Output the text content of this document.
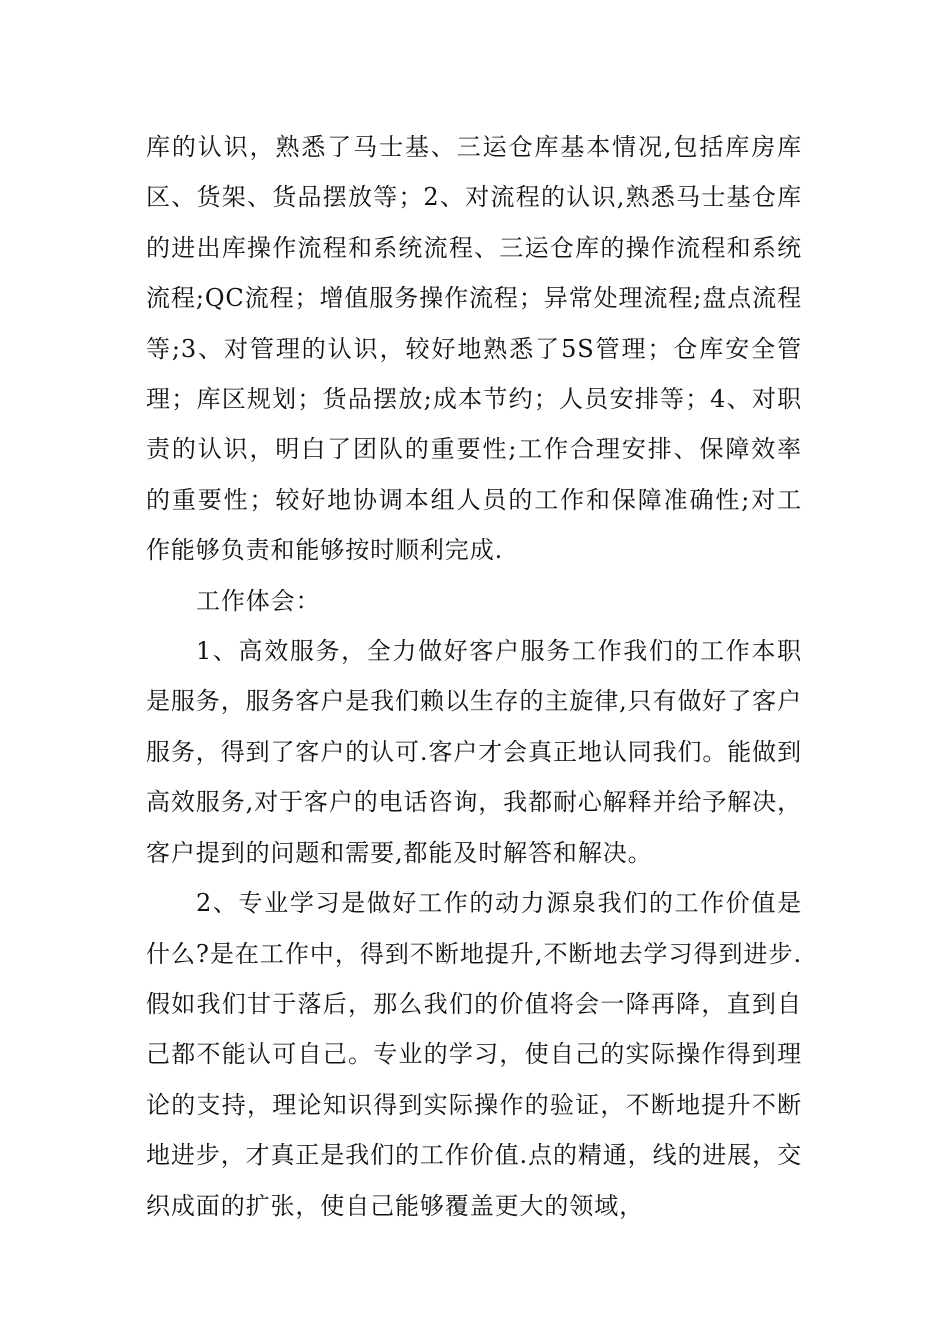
库的认识，熟悉了马士基、三运仓库基本情况,包括库房库区、货架、货品摆放等；2、对流程的认识,熟悉马士基仓库的进出库操作流程和系统流程、三运仓库的操作流程和系统流程;QC流程；增值服务操作流程；异常处理流程;盘点流程等;3、对管理的认识，较好地熟悉了5S管理；仓库安全管理；库区规划；货品摆放;成本节约；人员安排等；4、对职责的认识，明白了团队的重要性;工作合理安排、保障效率的重要性；较好地协调本组人员的工作和保障准确性;对工作能够负责和能够按时顺利完成.

工作体会：

1、高效服务，全力做好客户服务工作我们的工作本职是服务，服务客户是我们赖以生存的主旋律,只有做好了客户服务，得到了客户的认可.客户才会真正地认同我们。能做到高效服务,对于客户的电话咨询，我都耐心解释并给予解决，客户提到的问题和需要,都能及时解答和解决。

2、专业学习是做好工作的动力源泉我们的工作价值是什么?是在工作中，得到不断地提升,不断地去学习得到进步.假如我们甘于落后，那么我们的价值将会一降再降，直到自己都不能认可自己。专业的学习，使自己的实际操作得到理论的支持，理论知识得到实际操作的验证，不断地提升不断地进步，才真正是我们的工作价值.点的精通，线的进展，交织成面的扩张，使自己能够覆盖更大的领域，
